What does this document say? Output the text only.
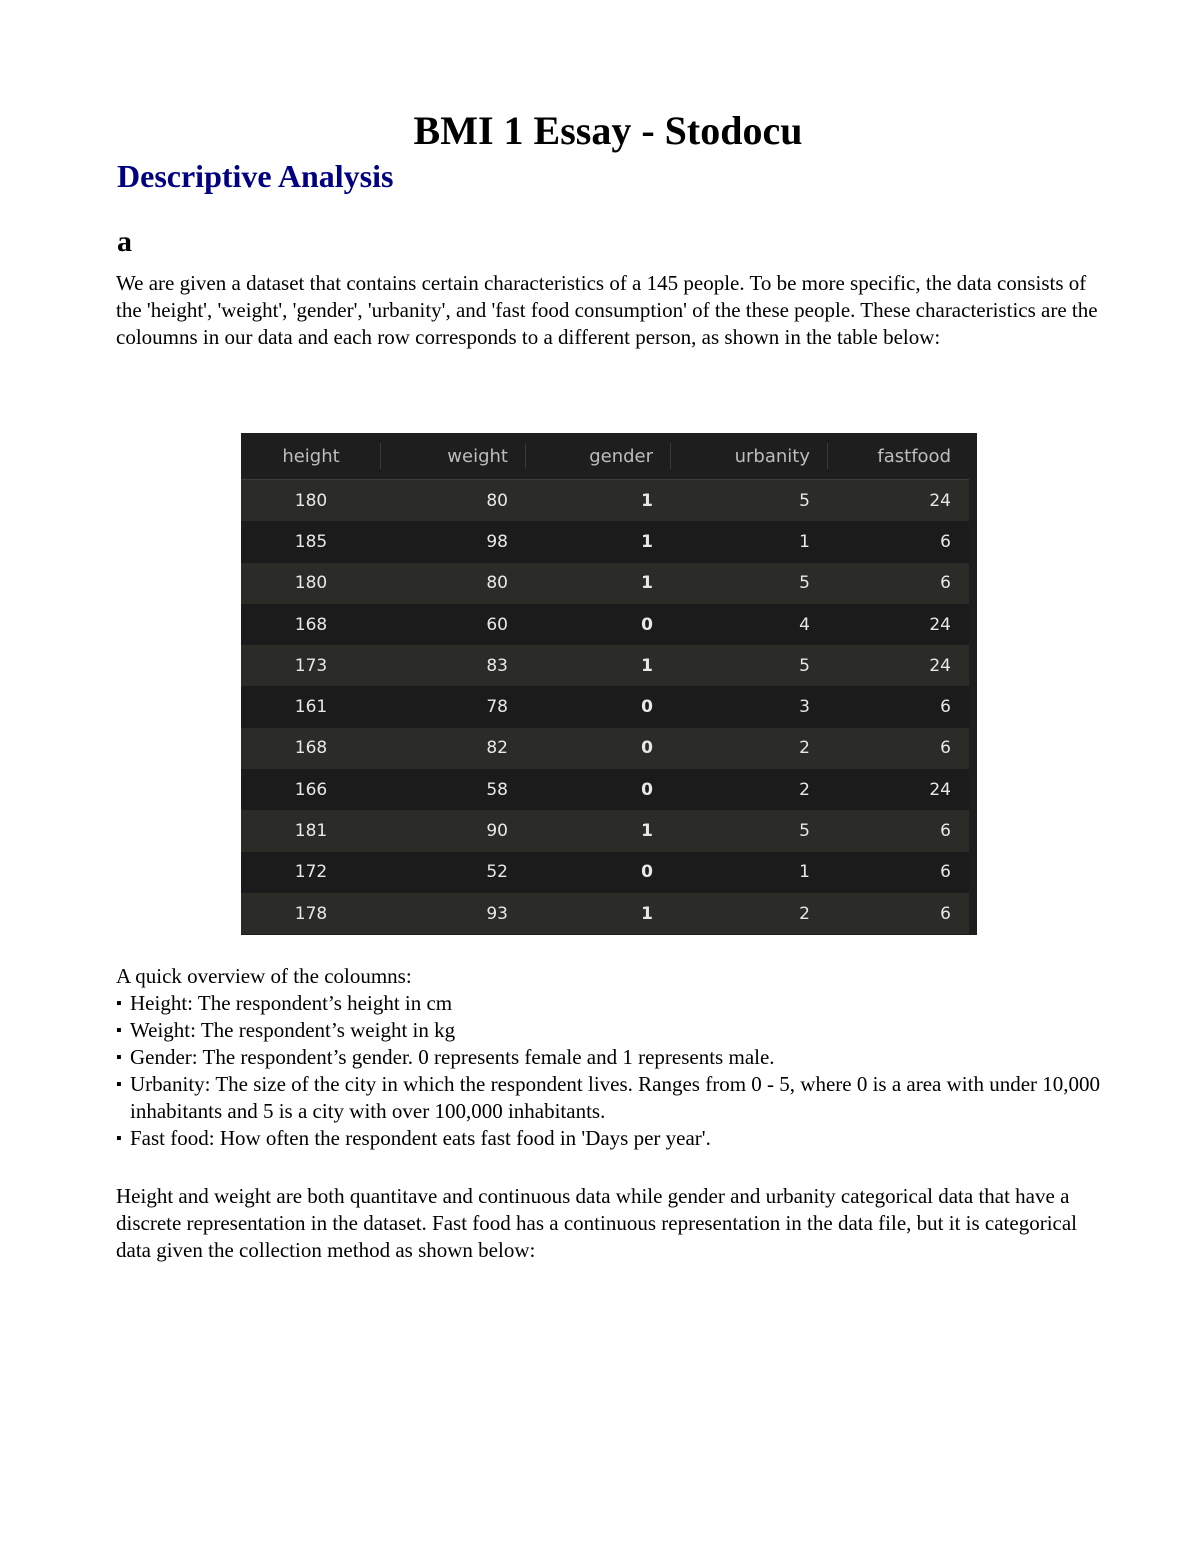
BMI 1 Essay - Stodocu
Descriptive Analysis
a

We are given a dataset that contains certain characteristics of a 145 people. To be more specific, the data consists of the 'height', 'weight', 'gender', 'urbanity', and 'fast food consumption' of the these people. These characteristics are the coloumns in our data and each row corresponds to a different person, as shown in the table below:

height	weight	gender	urbanity	fastfood
180	80	1	5	24
185	98	1	1	6
180	80	1	5	6
168	60	0	4	24
173	83	1	5	24
161	78	0	3	6
168	82	0	2	6
166	58	0	2	24
181	90	1	5	6
172	52	0	1	6
178	93	1	2	6
A quick overview of the coloumns:
▪ Height: The respondent’s height in cm
▪ Weight: The respondent’s weight in kg
▪ Gender: The respondent’s gender. 0 represents female and 1 represents male.
▪ Urbanity: The size of the city in which the respondent lives. Ranges from 0 - 5, where 0 is a area with under 10,000 inhabitants and 5 is a city with over 100,000 inhabitants.
▪ Fast food: How often the respondent eats fast food in 'Days per year'.

Height and weight are both quantitave and continuous data while gender and urbanity categorical data that have a discrete representation in the dataset. Fast food has a continuous representation in the data file, but it is categorical data given the collection method as shown below:
